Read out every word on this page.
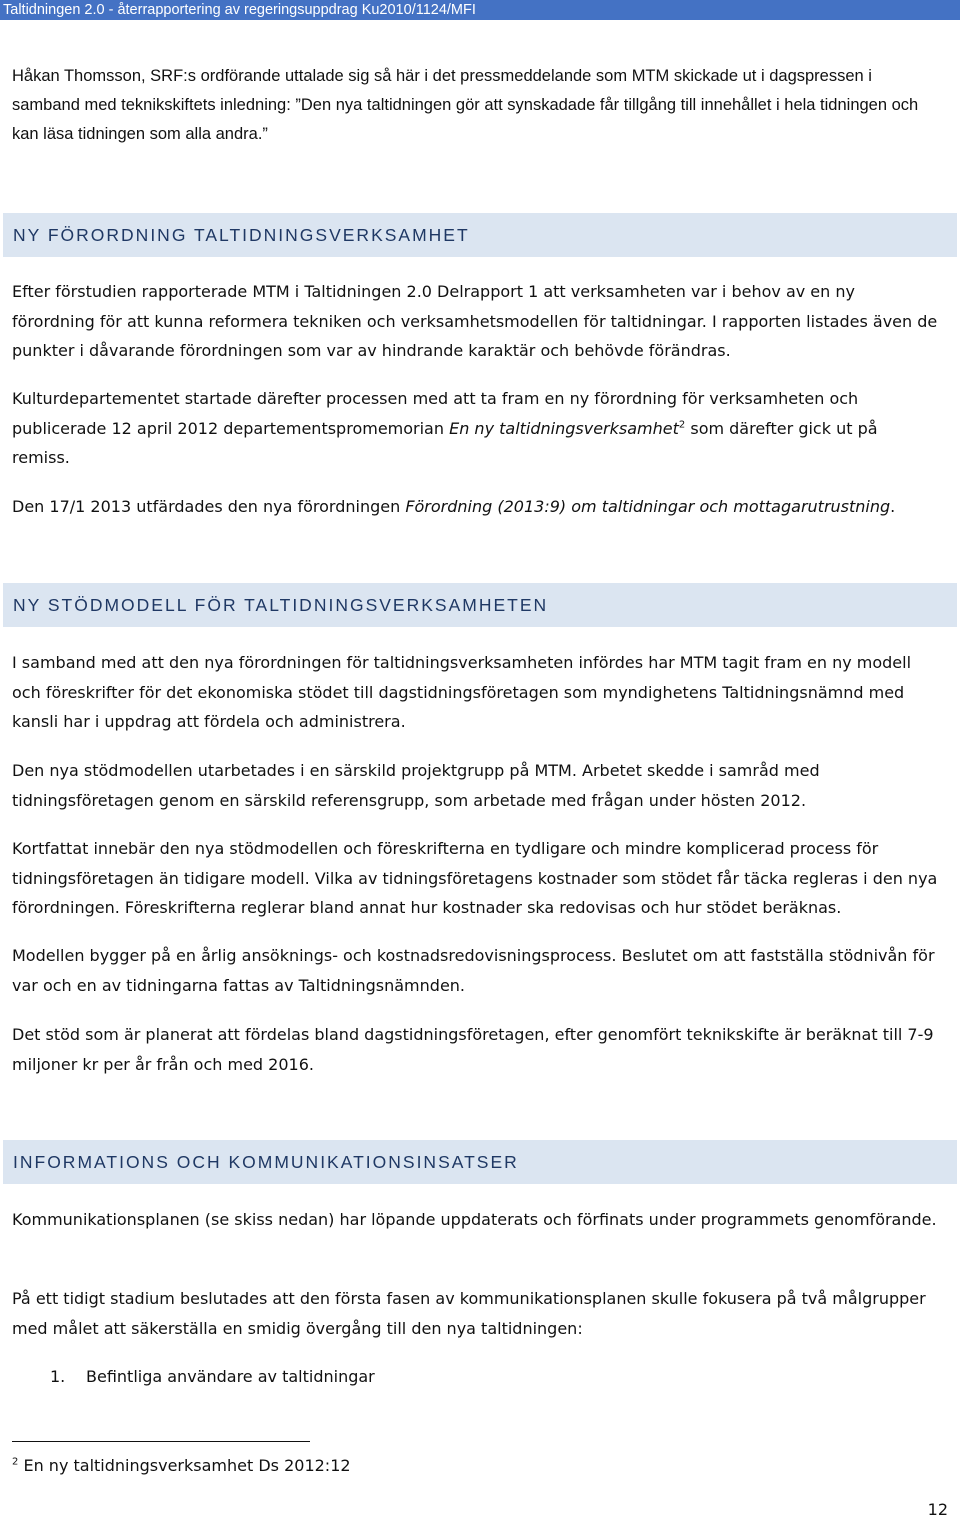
Taltidningen 2.0 - återrapportering av regeringsuppdrag Ku2010/1124/MFI

Håkan Thomsson, SRF:s ordförande uttalade sig så här i det pressmeddelande som MTM skickade ut i dagspressen i samband med teknikskiftets inledning: ”Den nya taltidningen gör att synskadade får tillgång till innehållet i hela tidningen och kan läsa tidningen som alla andra.”

NY FÖRORDNING TALTIDNINGSVERKSAMHET

Efter förstudien rapporterade MTM i Taltidningen 2.0 Delrapport 1 att verksamheten var i behov av en ny förordning för att kunna reformera tekniken och verksamhetsmodellen för taltidningar. I rapporten listades även de punkter i dåvarande förordningen som var av hindrande karaktär och behövde förändras.

Kulturdepartementet startade därefter processen med att ta fram en ny förordning för verksamheten och publicerade 12 april 2012 departementspromemorian En ny taltidningsverksamhet$^2$ som därefter gick ut på remiss.

Den 17/1 2013 utfärdades den nya förordningen Förordning (2013:9) om taltidningar och mottagarutrustning.

NY STÖDMODELL FÖR TALTIDNINGSVERKSAMHETEN

I samband med att den nya förordningen för taltidningsverksamheten infördes har MTM tagit fram en ny modell och föreskrifter för det ekonomiska stödet till dagstidningsföretagen som myndighetens Taltidningsnämnd med kansli har i uppdrag att fördela och administrera.

Den nya stödmodellen utarbetades i en särskild projektgrupp på MTM. Arbetet skedde i samråd med tidningsföretagen genom en särskild referensgrupp, som arbetade med frågan under hösten 2012.

Kortfattat innebär den nya stödmodellen och föreskrifterna en tydligare och mindre komplicerad process för tidningsföretagen än tidigare modell. Vilka av tidningsföretagens kostnader som stödet får täcka regleras i den nya förordningen. Föreskrifterna reglerar bland annat hur kostnader ska redovisas och hur stödet beräknas.

Modellen bygger på en årlig ansöknings- och kostnadsredovisningsprocess. Beslutet om att fastställa stödnivån för var och en av tidningarna fattas av Taltidningsnämnden.

Det stöd som är planerat att fördelas bland dagstidningsföretagen, efter genomfört teknikskifte är beräknat till 7-9 miljoner kr per år från och med 2016.

INFORMATIONS OCH KOMMUNIKATIONSINSATSER

Kommunikationsplanen (se skiss nedan) har löpande uppdaterats och förfinats under programmets genomförande.

På ett tidigt stadium beslutades att den första fasen av kommunikationsplanen skulle fokusera på två målgrupper med målet att säkerställa en smidig övergång till den nya taltidningen:

1. Befintliga användare av taltidningar
$^2$ En ny taltidningsverksamhet Ds 2012:12
12
